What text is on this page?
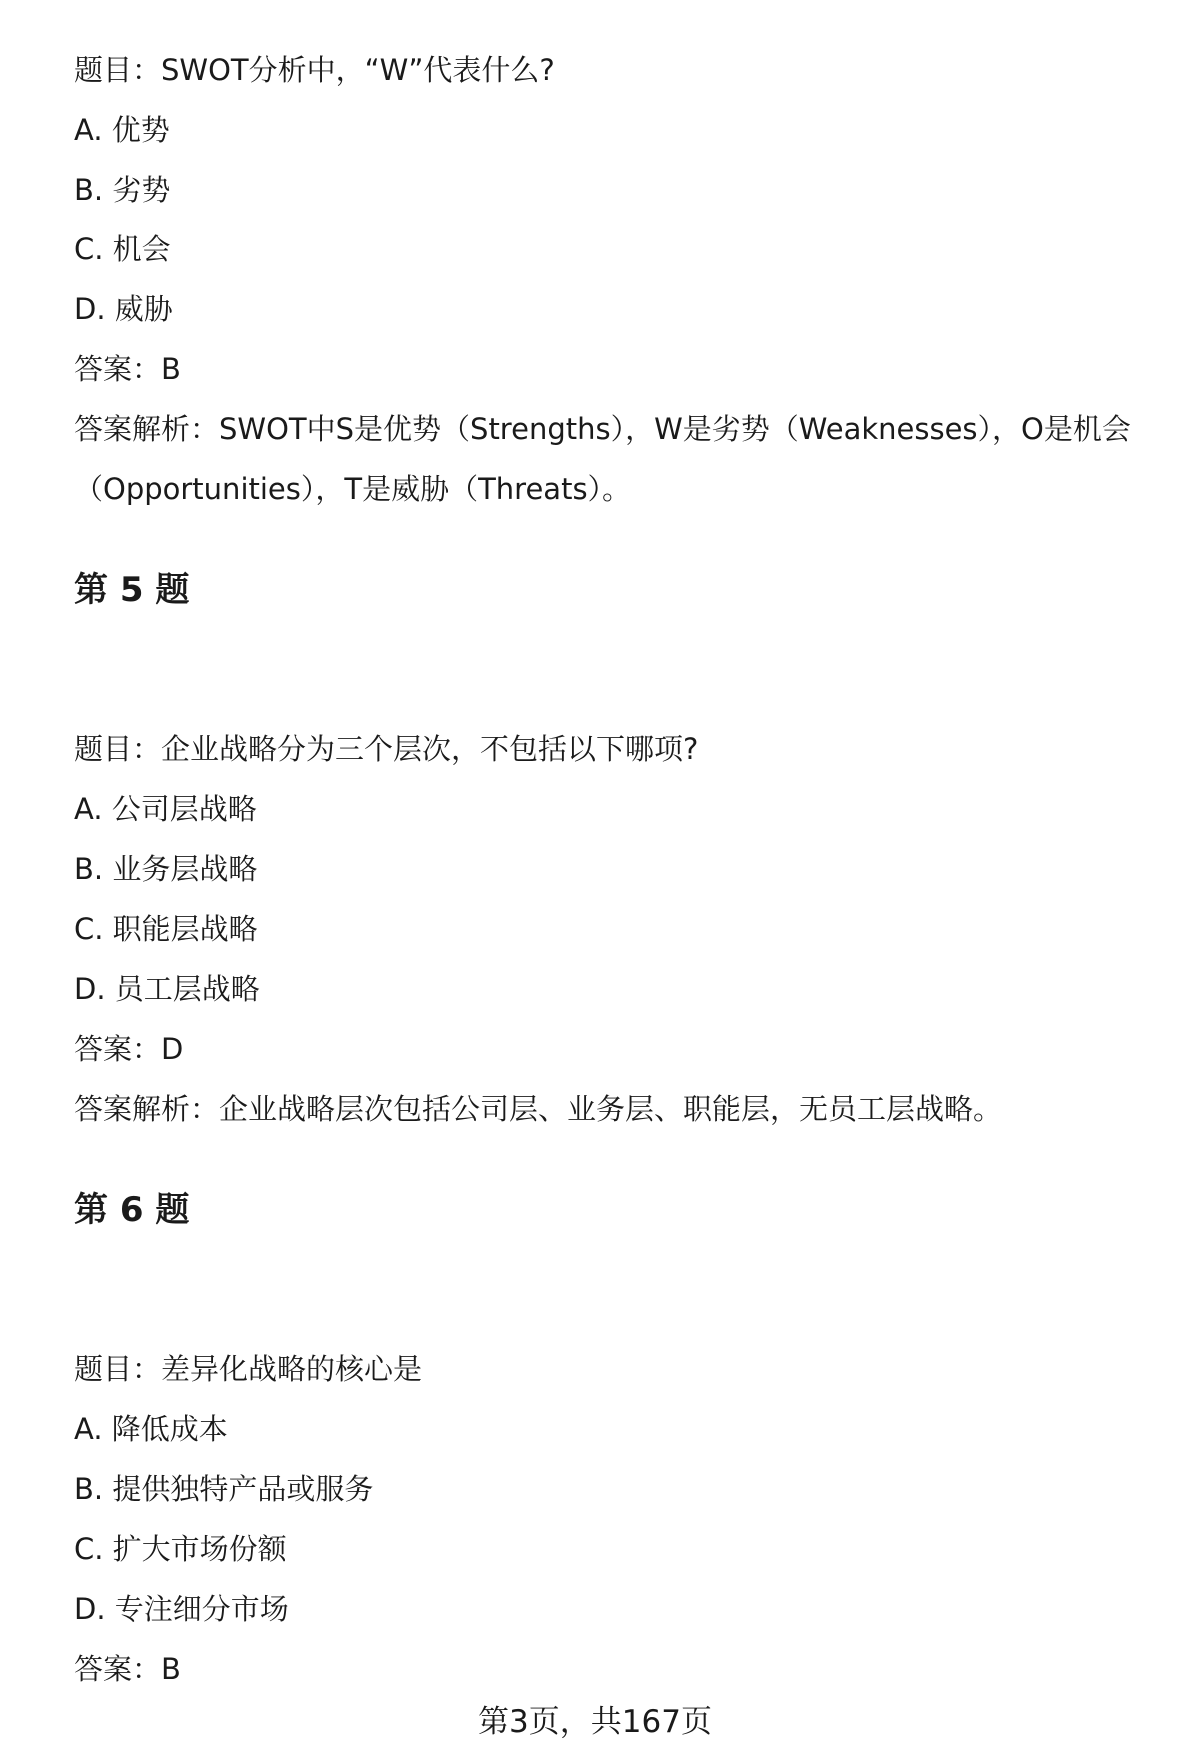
题目：SWOT分析中，“W”代表什么?
A. 优势
B. 劣势
C. 机会
D. 威胁
答案：B
答案解析：SWOT中S是优势（Strengths），W是劣势（Weaknesses），O是机会
（Opportunities），T是威胁（Threats）。
第 5 题
题目：企业战略分为三个层次，不包括以下哪项?
A. 公司层战略
B. 业务层战略
C. 职能层战略
D. 员工层战略
答案：D
答案解析：企业战略层次包括公司层、业务层、职能层，无员工层战略。
第 6 题
题目：差异化战略的核心是
A. 降低成本
B. 提供独特产品或服务
C. 扩大市场份额
D. 专注细分市场
答案：B
第3页，共167页
